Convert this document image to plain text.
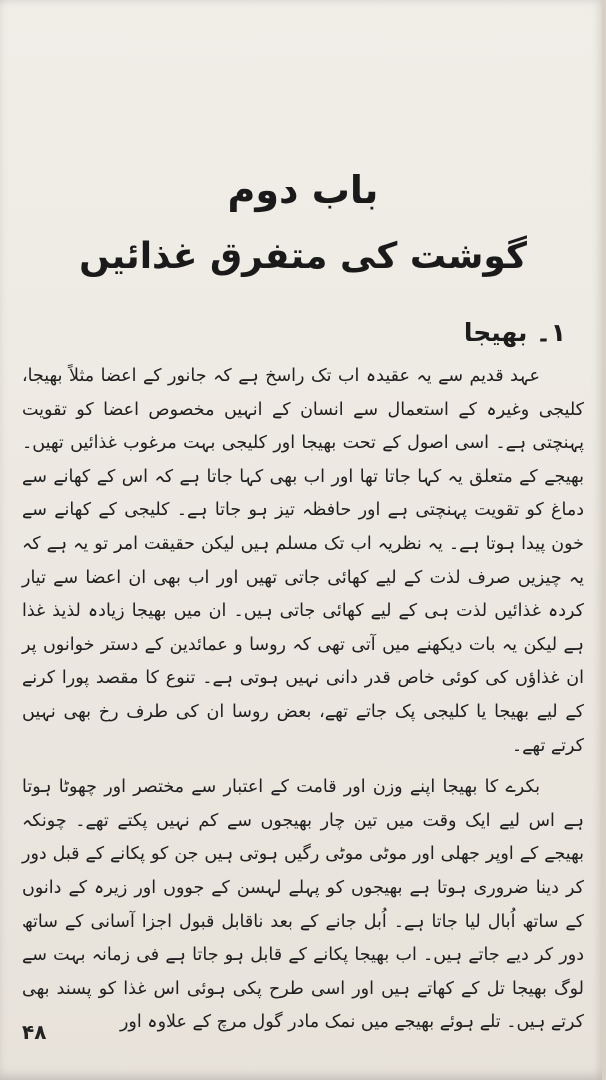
باب دوم
گوشت کی متفرق غذائیں
۱۔ بھیجا

عہد قدیم سے یہ عقیدہ اب تک راسخ ہے کہ جانور کے اعضا مثلاً بھیجا، کلیجی وغیرہ کے استعمال سے انسان کے انہیں مخصوص اعضا کو تقویت پہنچتی ہے۔ اسی اصول کے تحت بھیجا اور کلیجی بہت مرغوب غذائیں تھیں۔ بھیجے کے متعلق یہ کہا جاتا تھا اور اب بھی کہا جاتا ہے کہ اس کے کھانے سے دماغ کو تقویت پہنچتی ہے اور حافظہ تیز ہو جاتا ہے۔ کلیجی کے کھانے سے خون پیدا ہوتا ہے۔ یہ نظریہ اب تک مسلم ہیں لیکن حقیقت امر تو یہ ہے کہ یہ چیزیں صرف لذت کے لیے کھائی جاتی تھیں اور اب بھی ان اعضا سے تیار کردہ غذائیں لذت ہی کے لیے کھائی جاتی ہیں۔ ان میں بھیجا زیادہ لذیذ غذا ہے لیکن یہ بات دیکھنے میں آتی تھی کہ روسا و عمائدین کے دستر خوانوں پر ان غذاؤں کی کوئی خاص قدر دانی نہیں ہوتی ہے۔ تنوع کا مقصد پورا کرنے کے لیے بھیجا یا کلیجی پک جاتے تھے، بعض روسا ان کی طرف رخ بھی نہیں کرتے تھے۔

بکرے کا بھیجا اپنے وزن اور قامت کے اعتبار سے مختصر اور چھوٹا ہوتا ہے اس لیے ایک وقت میں تین چار بھیجوں سے کم نہیں پکتے تھے۔ چونکہ بھیجے کے اوپر جھلی اور موٹی موٹی رگیں ہوتی ہیں جن کو پکانے کے قبل دور کر دینا ضروری ہوتا ہے بھیجوں کو پہلے لہسن کے جووں اور زیرہ کے دانوں کے ساتھ اُبال لیا جاتا ہے۔ اُبل جانے کے بعد ناقابل قبول اجزا آسانی کے ساتھ دور کر دیے جاتے ہیں۔ اب بھیجا پکانے کے قابل ہو جاتا ہے فی زمانہ بہت سے لوگ بھیجا تل کے کھاتے ہیں اور اسی طرح پکی ہوئی اس غذا کو پسند بھی کرتے ہیں۔ تلے ہوئے بھیجے میں نمک مادر گول مرچ کے علاوہ اور

۴۸
